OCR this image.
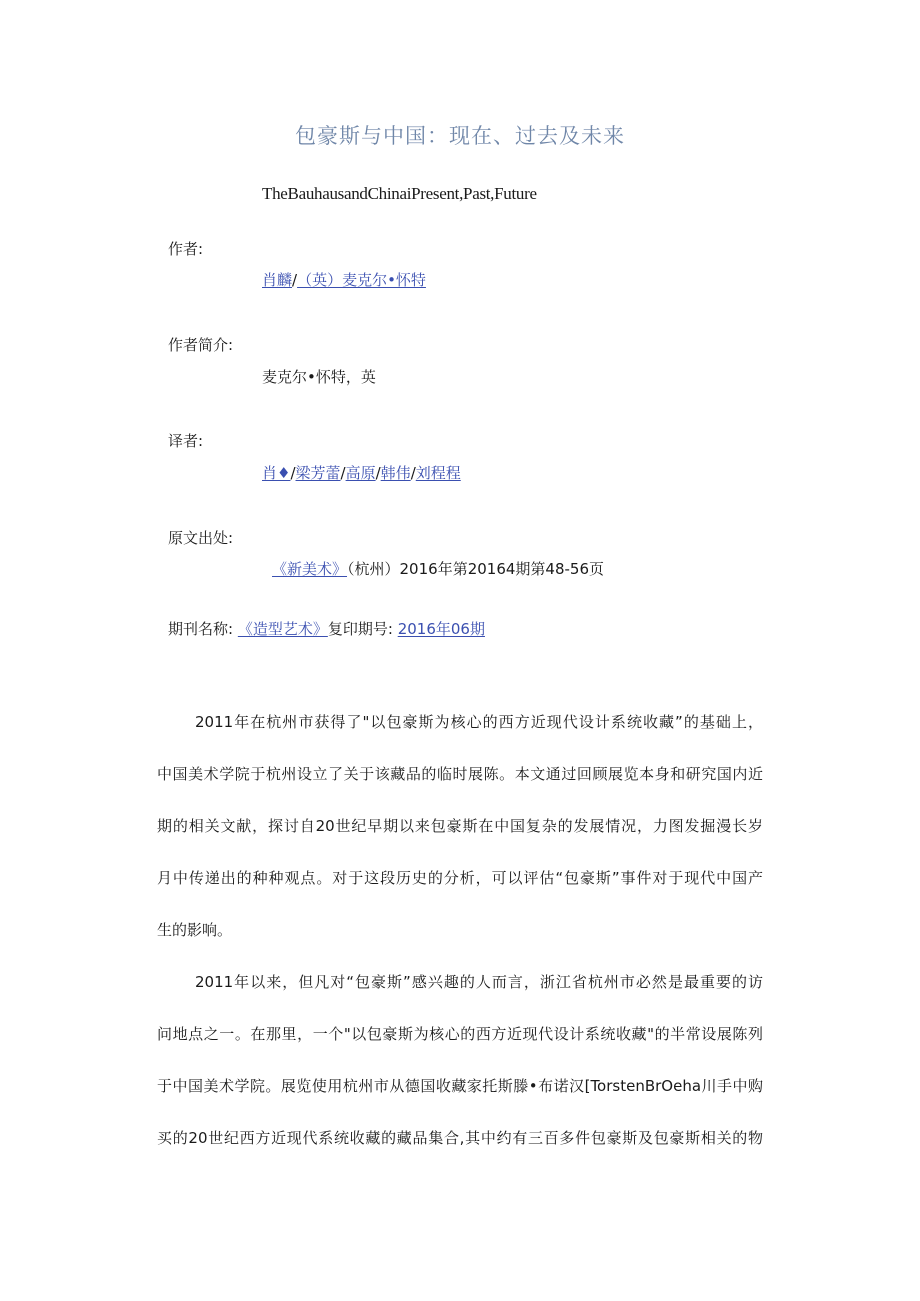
包豪斯与中国：现在、过去及未来
TheBauhausandChinaiPresent,Past,Future
作者:
肖麟/（英）麦克尔•怀特
作者简介:
麦克尔•怀特，英
译者:
肖♦/梁芳蕾/高原/韩伟/刘程程
原文出处:
《新美术》（杭州）2016年第20164期第48-56页
期刊名称: 《造型艺术》复印期号: 2016年06期
2011年在杭州市获得了"以包豪斯为核心的西方近现代设计系统收藏”的基础上，
中国美术学院于杭州设立了关于该藏品的临时展陈。本文通过回顾展览本身和研究国内近
期的相关文献，探讨自20世纪早期以来包豪斯在中国复杂的发展情况，力图发掘漫长岁
月中传递出的种种观点。对于这段历史的分析，可以评估“包豪斯”事件对于现代中国产
生的影响。
2011年以来，但凡对“包豪斯”感兴趣的人而言，浙江省杭州市必然是最重要的访
问地点之一。在那里，一个"以包豪斯为核心的西方近现代设计系统收藏"的半常设展陈列
于中国美术学院。展览使用杭州市从德国收藏家托斯滕•布诺汉[TorstenBrOeha川手中购
买的20世纪西方近现代系统收藏的藏品集合,其中约有三百多件包豪斯及包豪斯相关的物
